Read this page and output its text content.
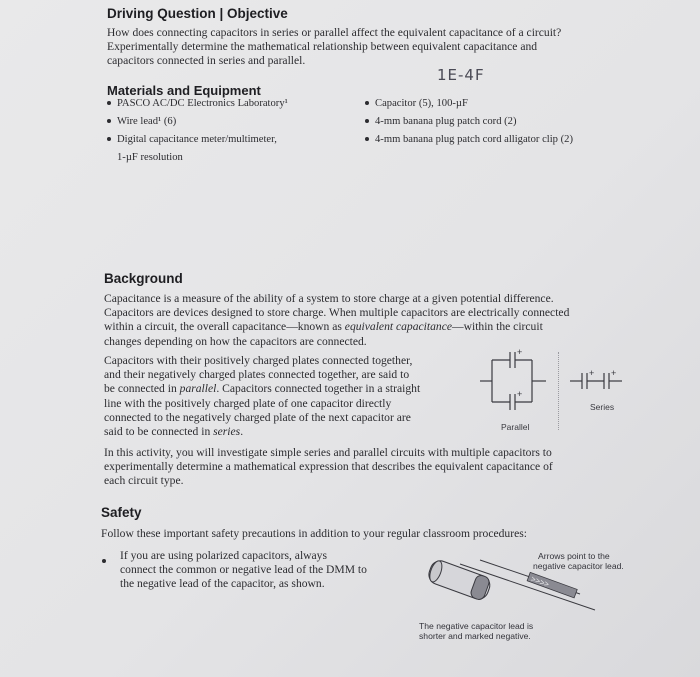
Driving Question | Objective
How does connecting capacitors in series or parallel affect the equivalent capacitance of a circuit?
Experimentally determine the mathematical relationship between equivalent capacitance and
capacitors connected in series and parallel.
1E-4F
Materials and Equipment
PASCO AC/DC Electronics Laboratory¹
Wire lead¹ (6)
Digital capacitance meter/multimeter,
1-µF resolution
Capacitor (5), 100-µF
4-mm banana plug patch cord (2)
4-mm banana plug patch cord alligator clip (2)
Background
Capacitance is a measure of the ability of a system to store charge at a given potential difference.
Capacitors are devices designed to store charge. When multiple capacitors are electrically connected
within a circuit, the overall capacitance—known as equivalent capacitance—within the circuit
changes depending on how the capacitors are connected.
Capacitors with their positively charged plates connected together,
and their negatively charged plates connected together, are said to
be connected in parallel. Capacitors connected together in a straight
line with the positively charged plate of one capacitor directly
connected to the negatively charged plate of the next capacitor are
said to be connected in series.
+
+
+ +
Parallel
Series
In this activity, you will investigate simple series and parallel circuits with multiple capacitors to
experimentally determine a mathematical expression that describes the equivalent capacitance of
each circuit type.
Safety
Follow these important safety precautions in addition to your regular classroom procedures:
If you are using polarized capacitors, always
connect the common or negative lead of the DMM to
the negative lead of the capacitor, as shown.	>>>>
Arrows point to the
negative capacitor lead.
The negative capacitor lead is
shorter and marked negative.
